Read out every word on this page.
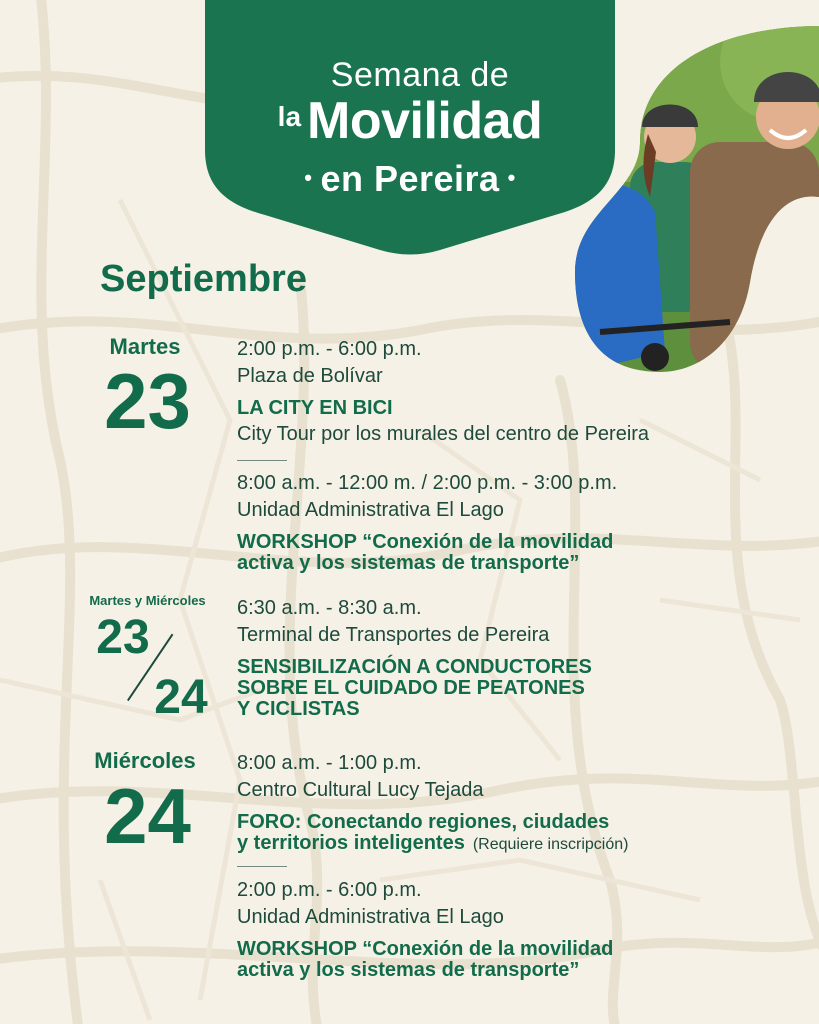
Semana de
la Movilidad
• en Pereira •
Septiembre
Martes
23
2:00 p.m. - 6:00 p.m.
Plaza de Bolívar
LA CITY EN BICI
City Tour por los murales del centro de Pereira
8:00 a.m. - 12:00 m. / 2:00 p.m. - 3:00 p.m.
Unidad Administrativa El Lago
WORKSHOP “Conexión de la movilidad
activa y los sistemas de transporte”
Martes y Miércoles
23
24
6:30 a.m. - 8:30 a.m.
Terminal de Transportes de Pereira
SENSIBILIZACIÓN A CONDUCTORES
SOBRE EL CUIDADO DE PEATONES
Y CICLISTAS
Miércoles
24
8:00 a.m. - 1:00 p.m.
Centro Cultural Lucy Tejada
FORO: Conectando regiones, ciudades
y territorios inteligentes (Requiere inscripción)
2:00 p.m. - 6:00 p.m.
Unidad Administrativa El Lago
WORKSHOP “Conexión de la movilidad
activa y los sistemas de transporte”
